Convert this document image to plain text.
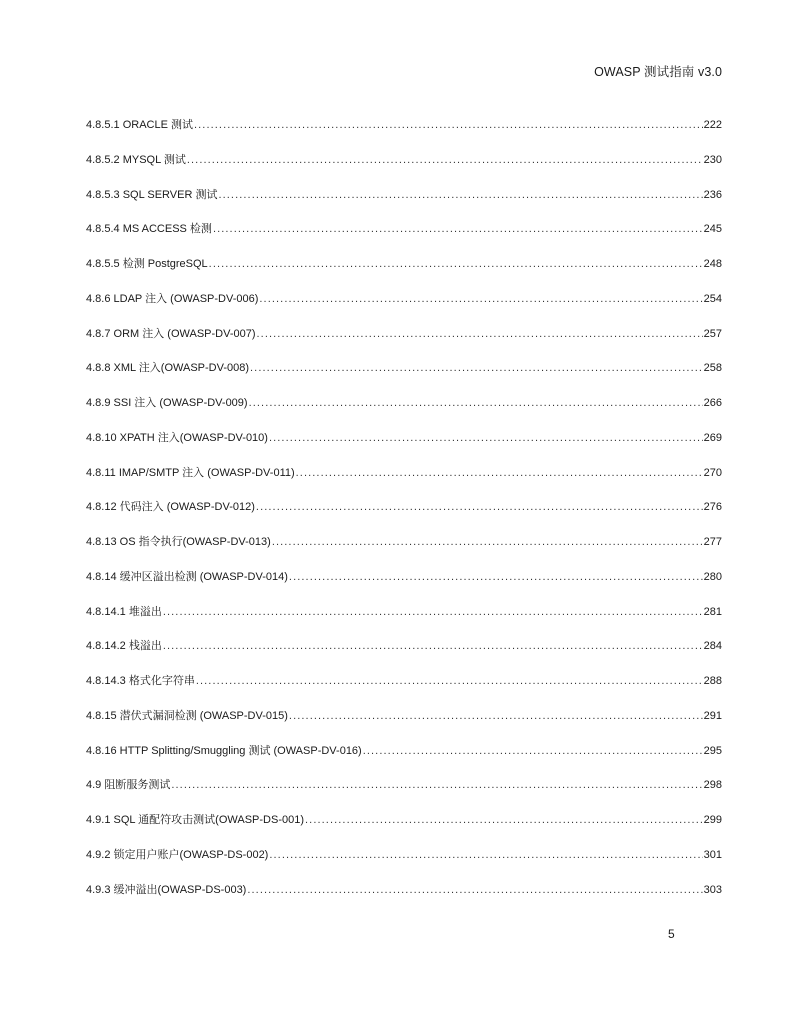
OWASP 测试指南 v3.0
4.8.5.1 ORACLE 测试 .....	222
4.8.5.2 MYSQL 测试 .....	230
4.8.5.3 SQL SERVER 测试 .....	236
4.8.5.4 MS ACCESS 检测 .....	245
4.8.5.5 检测 PostgreSQL .....	248
4.8.6 LDAP 注入 (OWASP-DV-006) .....	254
4.8.7 ORM 注入 (OWASP-DV-007) .....	257
4.8.8 XML 注入(OWASP-DV-008) .....	258
4.8.9 SSI 注入 (OWASP-DV-009) .....	266
4.8.10 XPATH 注入(OWASP-DV-010) .....	269
4.8.11 IMAP/SMTP 注入 (OWASP-DV-011) .....	270
4.8.12 代码注入 (OWASP-DV-012) .....	276
4.8.13 OS 指令执行(OWASP-DV-013) .....	277
4.8.14 缓冲区溢出检测 (OWASP-DV-014) .....	280
4.8.14.1 堆溢出 .....	281
4.8.14.2 栈溢出 .....	284
4.8.14.3 格式化字符串 .....	288
4.8.15 潜伏式漏洞检测 (OWASP-DV-015) .....	291
4.8.16 HTTP Splitting/Smuggling 测试 (OWASP-DV-016) .....	295
4.9 阻断服务测试 .....	298
4.9.1 SQL 通配符攻击测试(OWASP-DS-001) .....	299
4.9.2 锁定用户账户(OWASP-DS-002) .....	301
4.9.3 缓冲溢出(OWASP-DS-003) .....	303
5
